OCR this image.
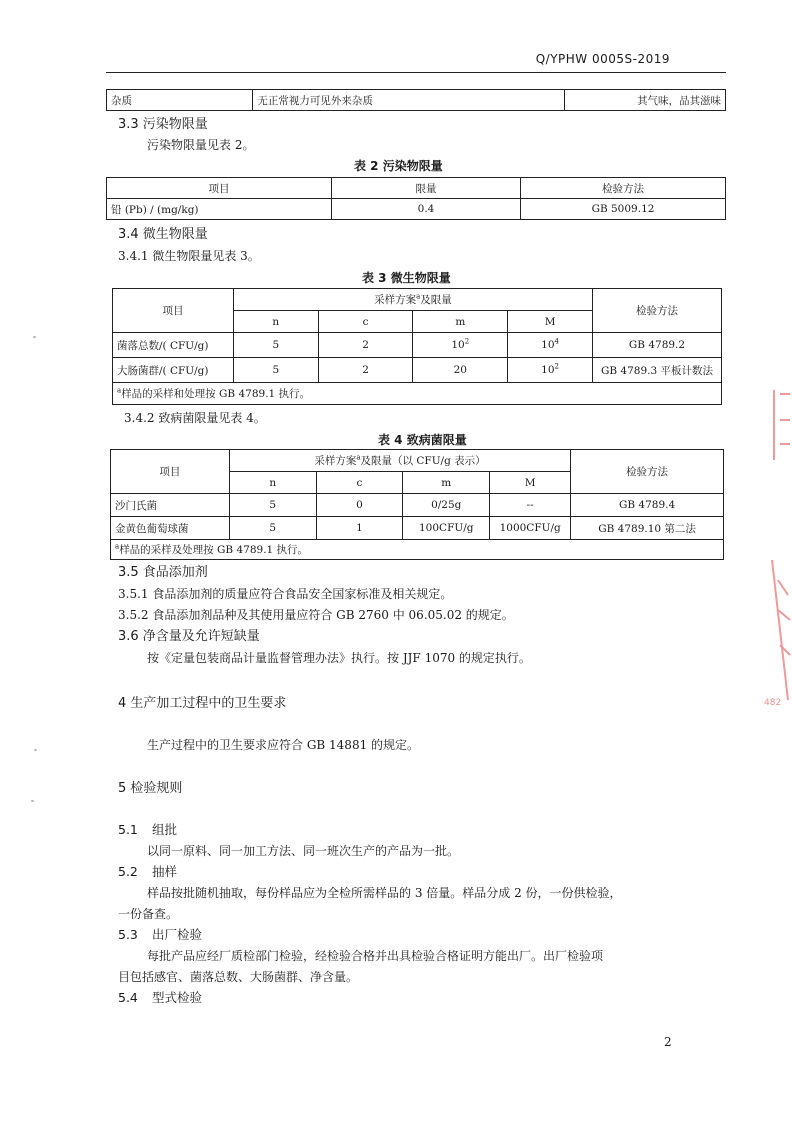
Q/YPHW 0005S-2019
杂质	无正常视力可见外来杂质	其气味，品其滋味
3.3 污染物限量
污染物限量见表 2。
表 2 污染物限量
项目	限量	检验方法
铅 (Pb) / (mg/kg)	0.4	GB 5009.12
3.4 微生物限量
3.4.1 微生物限量见表 3。
表 3 微生物限量
项目	采样方案$^a$及限量				检验方法
	n	c	m	M	
菌落总数/( CFU/g)	5	2	$10^2$	$10^4$	GB 4789.2
大肠菌群/( CFU/g)	5	2	20	$10^2$	GB 4789.3 平板计数法
$^a$样品的采样和处理按 GB 4789.1 执行。					
3.4.2 致病菌限量见表 4。
表 4 致病菌限量
项目	采样方案$^a$及限量（以 CFU/g 表示）				检验方法
	n	c	m	M	
沙门氏菌	5	0	0/25g	--	GB 4789.4
金黄色葡萄球菌	5	1	100CFU/g	1000CFU/g	GB 4789.10 第二法
$^a$样品的采样及处理按 GB 4789.1 执行。					
3.5 食品添加剂
3.5.1 食品添加剂的质量应符合食品安全国家标准及相关规定。
3.5.2 食品添加剂品种及其使用量应符合 GB 2760 中 06.05.02 的规定。
3.6 净含量及允许短缺量
按《定量包装商品计量监督管理办法》执行。按 JJF 1070 的规定执行。
4 生产加工过程中的卫生要求
生产过程中的卫生要求应符合 GB 14881 的规定。
5 检验规则
5.1 组批
以同一原料、同一加工方法、同一班次生产的产品为一批。
5.2 抽样
样品按批随机抽取，每份样品应为全检所需样品的 3 倍量。样品分成 2 份，一份供检验，
一份备查。
5.3 出厂检验
每批产品应经厂质检部门检验，经检验合格并出具检验合格证明方能出厂。出厂检验项
目包括感官、菌落总数、大肠菌群、净含量。
5.4 型式检验
2
482
